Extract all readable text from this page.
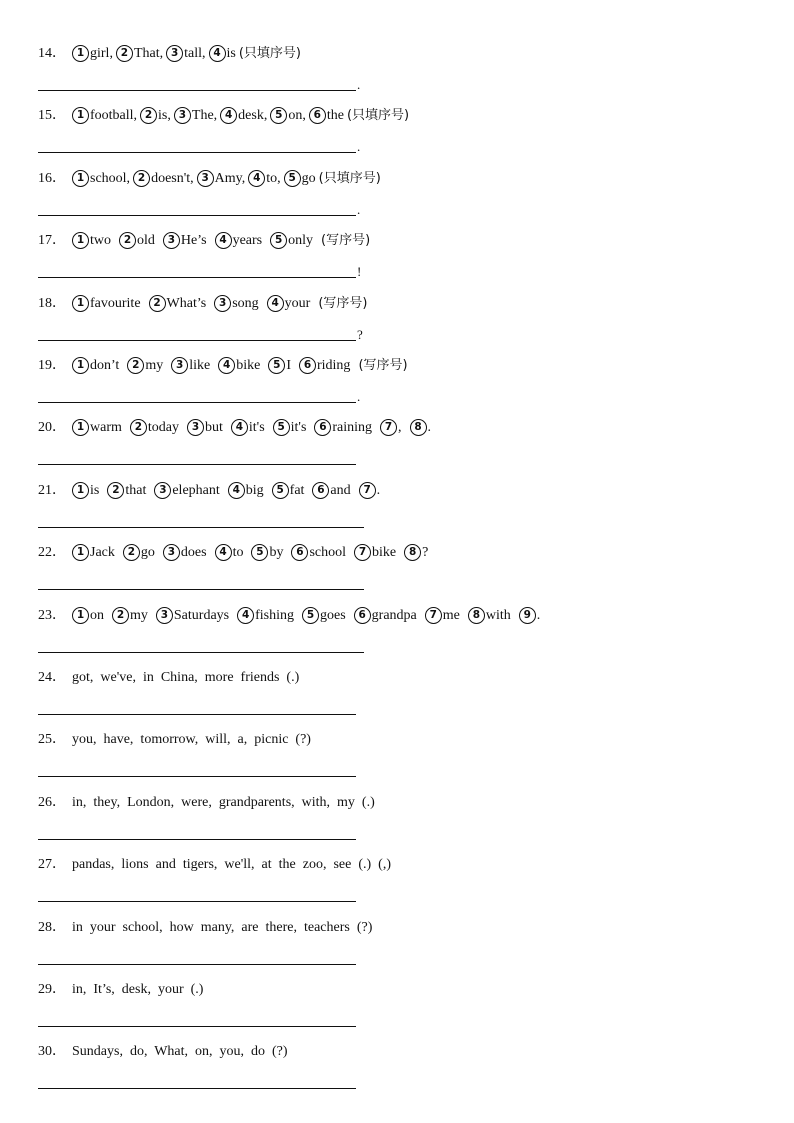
14． 1 girl, 2 That, 3 tall, 4 is (只填序号)
.
15． 1 football, 2 is, 3 The, 4 desk, 5 on, 6 the (只填序号)
.
16． 1 school, 2 doesn't, 3 Amy, 4 to, 5 go (只填序号)
.
17． 1 two 2 old 3 He’s 4 years 5 only (写序号)
!
18． 1 favourite 2 What’s 3 song 4 your (写序号)
?
19． 1 don’t 2 my 3 like 4 bike 5 I 6 riding (写序号)
.
20． 1 warm 2 today 3 but 4 it's 5 it's 6 raining 7 , 8 .
21． 1 is 2 that 3 elephant 4 big 5 fat 6 and 7 .
22． 1 Jack 2 go 3 does 4 to 5 by 6 school 7 bike 8 ?
23． 1 on 2 my 3 Saturdays 4 fishing 5 goes 6 grandpa 7 me 8 with 9 .
24． got,  we've,  in  China,  more  friends  (.)
25． you,  have,  tomorrow,  will,  a,  picnic  (?)
26． in,  they,  London,  were,  grandparents,  with,  my  (.)
27． pandas,  lions  and  tigers,  we'll,  at  the  zoo,  see  (.)  (,)
28． in  your  school,  how  many,  are  there,  teachers  (?)
29． in,  It’s,  desk,  your  (.)
30． Sundays,  do,  What,  on,  you,  do  (?)
